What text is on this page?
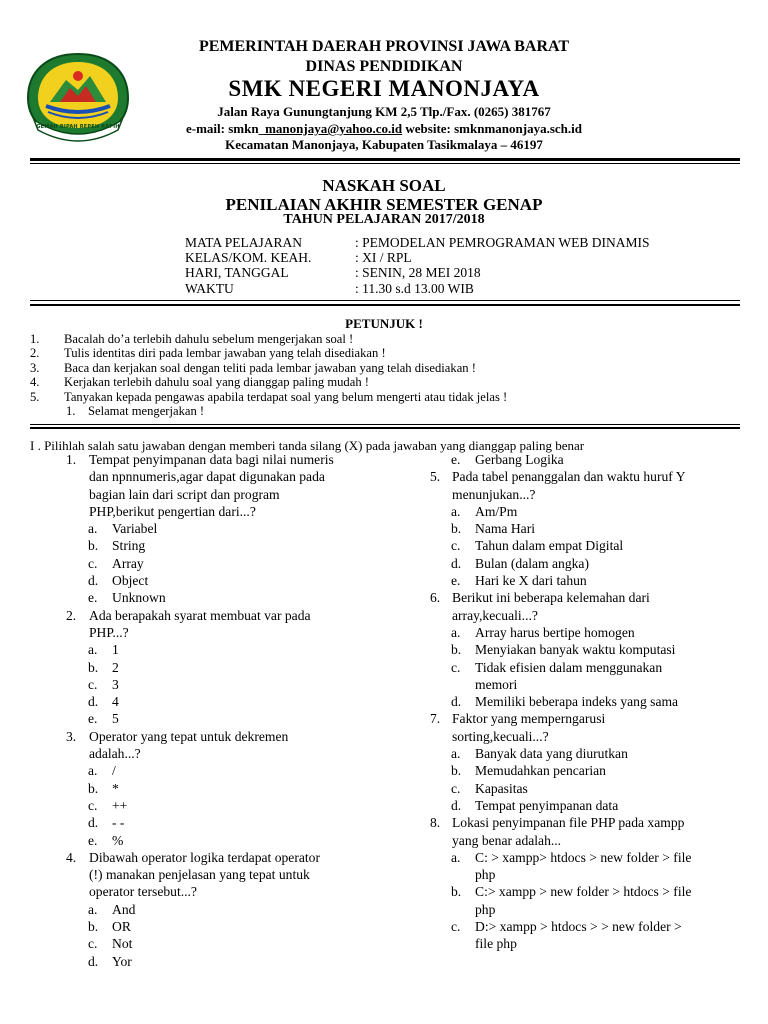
GEMAH RIPAH REPEH RAPIH
PEMERINTAH DAERAH PROVINSI JAWA BARAT
DINAS PENDIDIKAN
SMK NEGERI MANONJAYA
Jalan Raya Gunungtanjung KM 2,5 Tlp./Fax. (0265) 381767
e-mail: smkn_manonjaya@yahoo.co.id website: smknmanonjaya.sch.id
Kecamatan Manonjaya, Kabupaten Tasikmalaya – 46197
NASKAH SOAL
PENILAIAN AKHIR SEMESTER GENAP
TAHUN PELAJARAN 2017/2018
MATA PELAJARAN	: PEMODELAN PEMROGRAMAN WEB DINAMIS
KELAS/KOM. KEAH.	: XI / RPL
HARI, TANGGAL	: SENIN, 28 MEI 2018
WAKTU	: 11.30 s.d 13.00 WIB
PETUNJUK !
1. Bacalah do’a terlebih dahulu sebelum mengerjakan soal !
2. Tulis identitas diri pada lembar jawaban yang telah disediakan !
3. Baca dan kerjakan soal dengan teliti pada lembar jawaban yang telah disediakan !
4. Kerjakan terlebih dahulu soal yang dianggap paling mudah !
5. Tanyakan kepada pengawas apabila terdapat soal yang belum mengerti atau tidak jelas !
1. Selamat mengerjakan !
I . Pilihlah salah satu jawaban dengan memberi tanda silang (X) pada jawaban yang dianggap paling benar
1. Tempat penyimpanan data bagi nilai numeris
dan npnnumeris,agar dapat digunakan pada
bagian lain dari script dan program
PHP,berikut pengertian dari...?
a. Variabel
b. String
c. Array
d. Object
e. Unknown
2. Ada berapakah syarat membuat var pada
PHP...?
a. 1
b. 2
c. 3
d. 4
e. 5
3. Operator yang tepat untuk dekremen
adalah...?
a. /
b. *
c. ++
d. - -
e. %
4. Dibawah operator logika terdapat operator
(!) manakan penjelasan yang tepat untuk
operator tersebut...?
a. And
b. OR
c. Not
d. Yor
e. Gerbang Logika
5. Pada tabel penanggalan dan waktu huruf Y
menunjukan...?
a. Am/Pm
b. Nama Hari
c. Tahun dalam empat Digital
d. Bulan (dalam angka)
e. Hari ke X dari tahun
6. Berikut ini beberapa kelemahan dari
array,kecuali...?
a. Array harus bertipe homogen
b. Menyiakan banyak waktu komputasi
c. Tidak efisien dalam menggunakan
memori
d. Memiliki beberapa indeks yang sama
7. Faktor yang memperngarusi
sorting,kecuali...?
a. Banyak data yang diurutkan
b. Memudahkan pencarian
c. Kapasitas
d. Tempat penyimpanan data
8. Lokasi penyimpanan file PHP pada xampp
yang benar adalah...
a. C: > xampp> htdocs > new folder > file
php
b. C:> xampp > new folder > htdocs > file
php
c. D:> xampp > htdocs > > new folder >
file php
